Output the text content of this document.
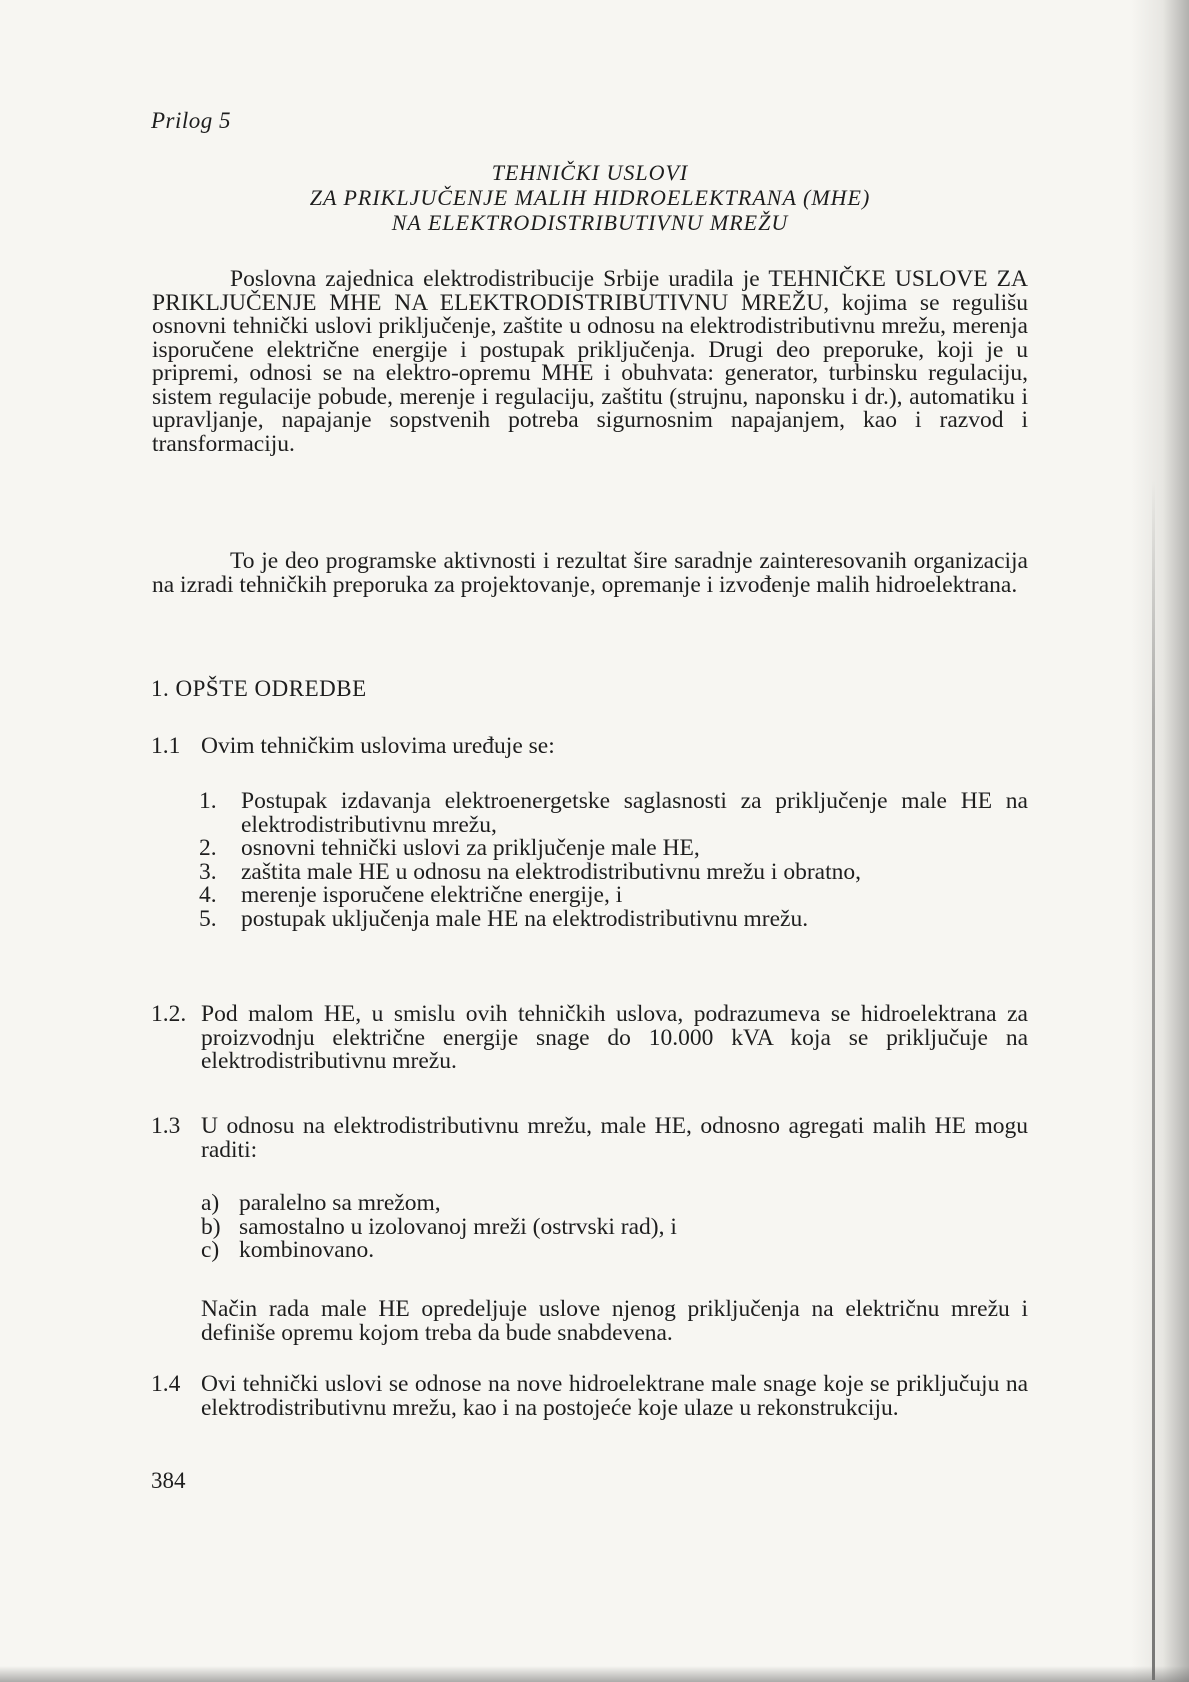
Prilog 5
TEHNIČKI USLOVI
ZA PRIKLJUČENJE MALIH HIDROELEKTRANA (MHE)
NA ELEKTRODISTRIBUTIVNU MREŽU
Poslovna zajednica elektrodistribucije Srbije uradila je TEHNIČKE USLOVE ZA PRIKLJUČENJE MHE NA ELEKTRODISTRIBUTIVNU MREŽU, kojima se regulišu osnovni tehnički uslovi priključenje, zaštite u odnosu na elektrodistributivnu mrežu, merenja isporučene električne energije i postupak priključenja. Drugi deo preporuke, koji je u pripremi, odnosi se na elektro-opremu MHE i obuhvata: generator, turbinsku regulaciju, sistem regulacije pobude, merenje i regulaciju, zaštitu (strujnu, naponsku i dr.), automatiku i upravljanje, napajanje sopstvenih potreba sigurnosnim napajanjem, kao i razvod i transformaciju.
To je deo programske aktivnosti i rezultat šire saradnje zainteresovanih organizacija na izradi tehničkih preporuka za projektovanje, opremanje i izvođenje malih hidroelektrana.
1. OPŠTE ODREDBE
1.1 Ovim tehničkim uslovima uređuje se:
1. Postupak izdavanja elektroenergetske saglasnosti za priključenje male HE na elektrodistributivnu mrežu,
2. osnovni tehnički uslovi za priključenje male HE,
3. zaštita male HE u odnosu na elektrodistributivnu mrežu i obratno,
4. merenje isporučene električne energije, i
5. postupak uključenja male HE na elektrodistributivnu mrežu.
1.2. Pod malom HE, u smislu ovih tehničkih uslova, podrazumeva se hidroelektrana za proizvodnju električne energije snage do 10.000 kVA koja se priključuje na elektrodistributivnu mrežu.
1.3 U odnosu na elektrodistributivnu mrežu, male HE, odnosno agregati malih HE mogu raditi:
a) paralelno sa mrežom,
b) samostalno u izolovanoj mreži (ostrvski rad), i
c) kombinovano.
Način rada male HE opredeljuje uslove njenog priključenja na električnu mrežu i definiše opremu kojom treba da bude snabdevena.
1.4 Ovi tehnički uslovi se odnose na nove hidroelektrane male snage koje se priključuju na elektrodistributivnu mrežu, kao i na postojeće koje ulaze u rekonstrukciju.
384
